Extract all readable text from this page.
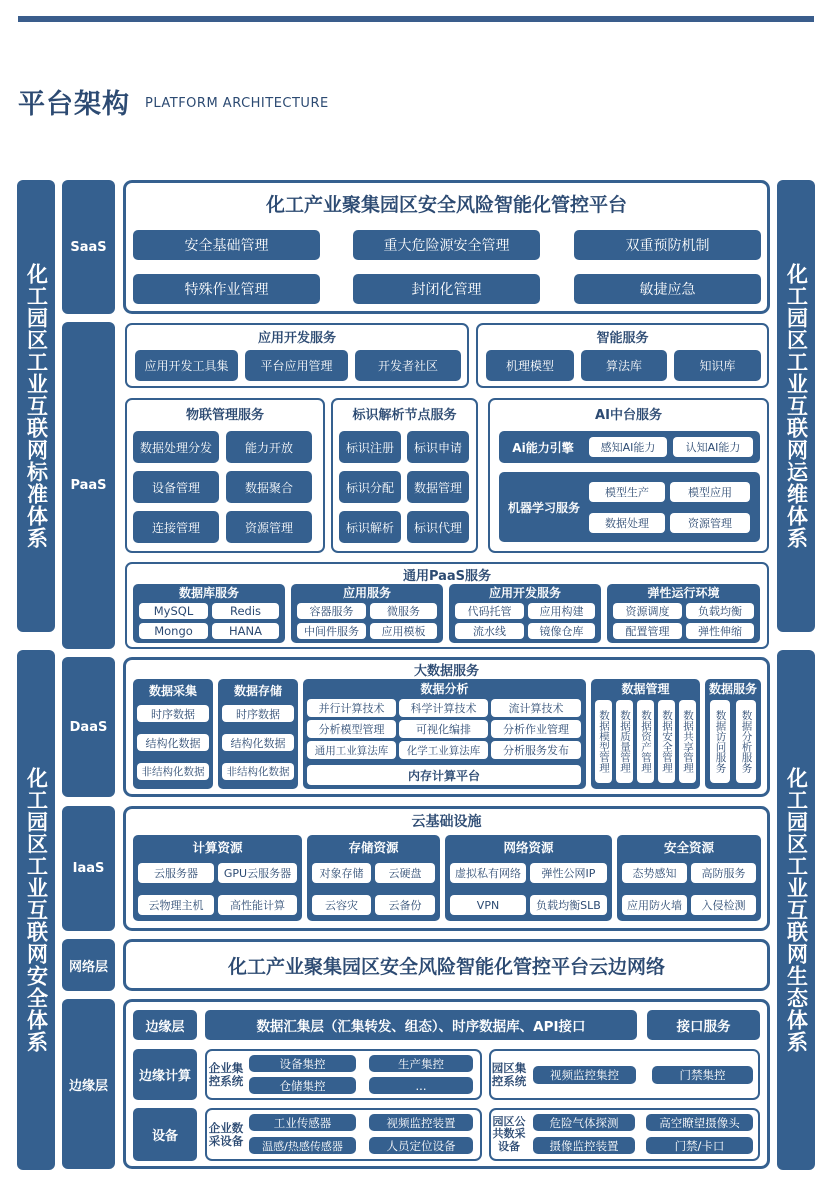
平台架构 PLATFORM ARCHITECTURE
化工园区工业互联网标准体系
化工园区工业互联网安全体系
化工园区工业互联网运维体系
化工园区工业互联网生态体系
SaaS
PaaS
DaaS
IaaS
网络层
边缘层
化工产业聚集园区安全风险智能化管控平台
安全基础管理	重大危险源安全管理	双重预防机制
特殊作业管理	封闭化管理	敏捷应急
应用开发服务
应用开发工具集	平台应用管理	开发者社区
智能服务
机理模型	算法库	知识库
物联管理服务
数据处理分发	能力开放
设备管理	数据聚合
连接管理	资源管理
标识解析节点服务
标识注册	标识申请
标识分配	数据管理
标识解析	标识代理
AI中台服务
Ai能力引擎	感知AI能力	认知AI能力
机器学习服务
模型生产	模型应用
数据处理	资源管理
通用PaaS服务
数据库服务
MySQL	Redis
Mongo	HANA
应用服务
容器服务	微服务
中间件服务	应用模板
应用开发服务
代码托管	应用构建
流水线	镜像仓库
弹性运行环境
资源调度	负载均衡
配置管理	弹性伸缩
大数据服务
数据采集
时序数据
结构化数据
非结构化数据
数据存储
时序数据
结构化数据
非结构化数据
数据分析
并行计算技术	科学计算技术	流计算技术
分析模型管理	可视化编排	分析作业管理
通用工业算法库	化学工业算法库	分析服务发布
内存计算平台
数据管理
数据模型管理 数据质量管理 数据资产管理 数据安全管理 数据共享管理
数据服务
数据访问服务	数据分析服务
云基础设施
计算资源
云服务器	GPU云服务器
云物理主机	高性能计算
存储资源
对象存储	云硬盘
云容灾	云备份
网络资源
虚拟私有网络	弹性公网IP
VPN	负载均衡SLB
安全资源
态势感知	高防服务
应用防火墙	入侵检测
化工产业聚集园区安全风险智能化管控平台云边网络
边缘层	数据汇集层（汇集转发、组态）、时序数据库、API接口	接口服务
边缘计算
企业集控系统
设备集控	生产集控
仓储集控	...
园区集控系统	视频监控集控	门禁集控
设备
企业数采设备
工业传感器	视频监控装置
温感/热感传感器	人员定位设备
园区公共数采设备
危险气体探测	高空瞭望摄像头
摄像监控装置	门禁/卡口
